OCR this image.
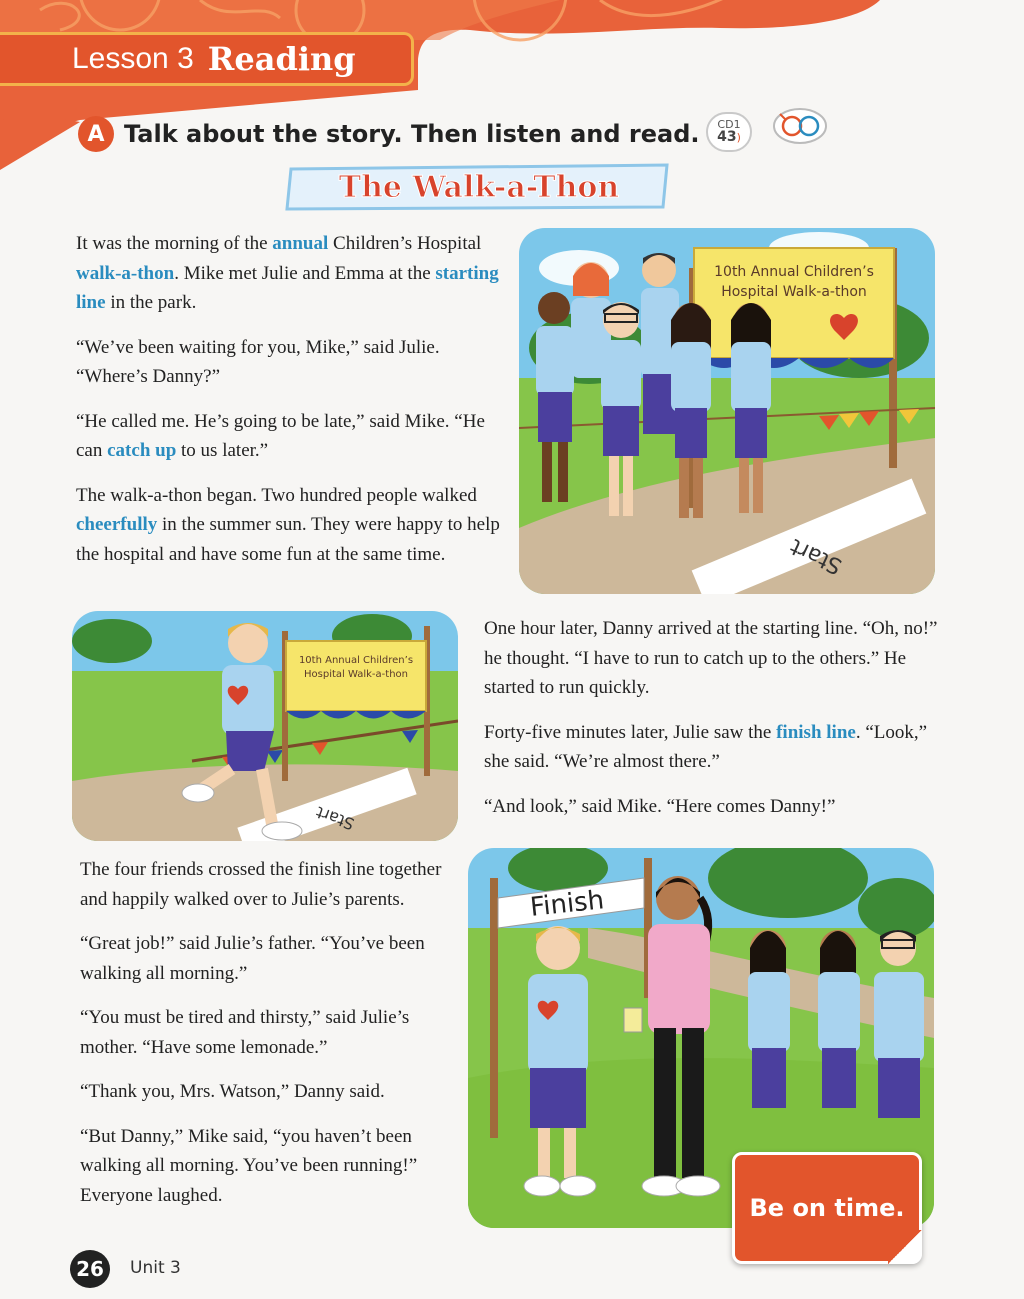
Lesson 3 Reading
A Talk about the story. Then listen and read.	CD1
43)
The Walk-a-Thon

It was the morning of the annual Children’s Hospital walk-a-thon. Mike met Julie and Emma at the starting line in the park.

“We’ve been waiting for you, Mike,” said Julie. “Where’s Danny?”

“He called me. He’s going to be late,” said Mike. “He can catch up to us later.”

The walk-a-thon began. Two hundred people walked cheerfully in the summer sun. They were happy to help the hospital and have some fun at the same time.

10th Annual Children’s
Hospital Walk-a-thon
Start
10th Annual Children’s
Hospital Walk-a-thon
Start

One hour later, Danny arrived at the starting line. “Oh, no!” he thought. “I have to run to catch up to the others.” He started to run quickly.

Forty-five minutes later, Julie saw the finish line. “Look,” she said. “We’re almost there.”

“And look,” said Mike. “Here comes Danny!”

The four friends crossed the finish line together and happily walked over to Julie’s parents.

“Great job!” said Julie’s father. “You’ve been walking all morning.”

“You must be tired and thirsty,” said Julie’s mother. “Have some lemonade.”

“Thank you, Mrs. Watson,” Danny said.

“But Danny,” Mike said, “you haven’t been walking all morning. You’ve been running!” Everyone laughed.

Finish
Be on time.
26	Unit 3
